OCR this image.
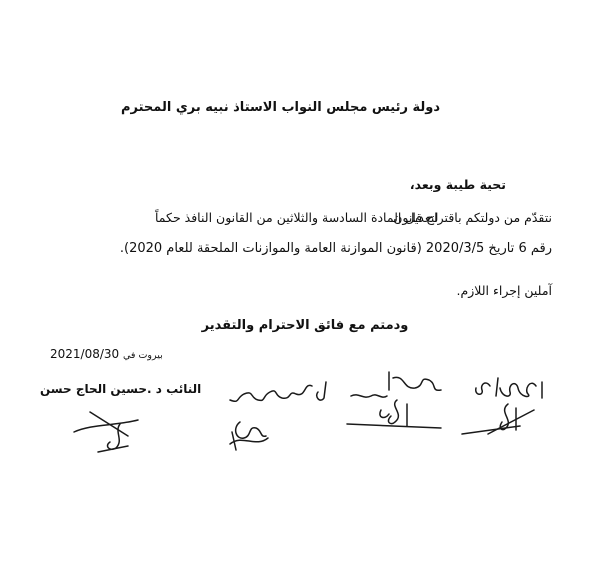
دولة رئيس مجلس النواب الاستاذ نبيه بري المحترم
تحية طيبة وبعد،
نتقدّم من دولتكم باقتراح قانون
لتعديل المادة السادسة والثلاثين من القانون النافذ حكماً
رقم 6 تاريخ 2020/3/5 (قانون الموازنة العامة والموازنات الملحقة للعام 2020).
آملين إجراء اللازم.
ودمتم مع فائق الاحترام والتقدير
2021/08/30 بيروت في
النائب د .حسين الحاج حسن
